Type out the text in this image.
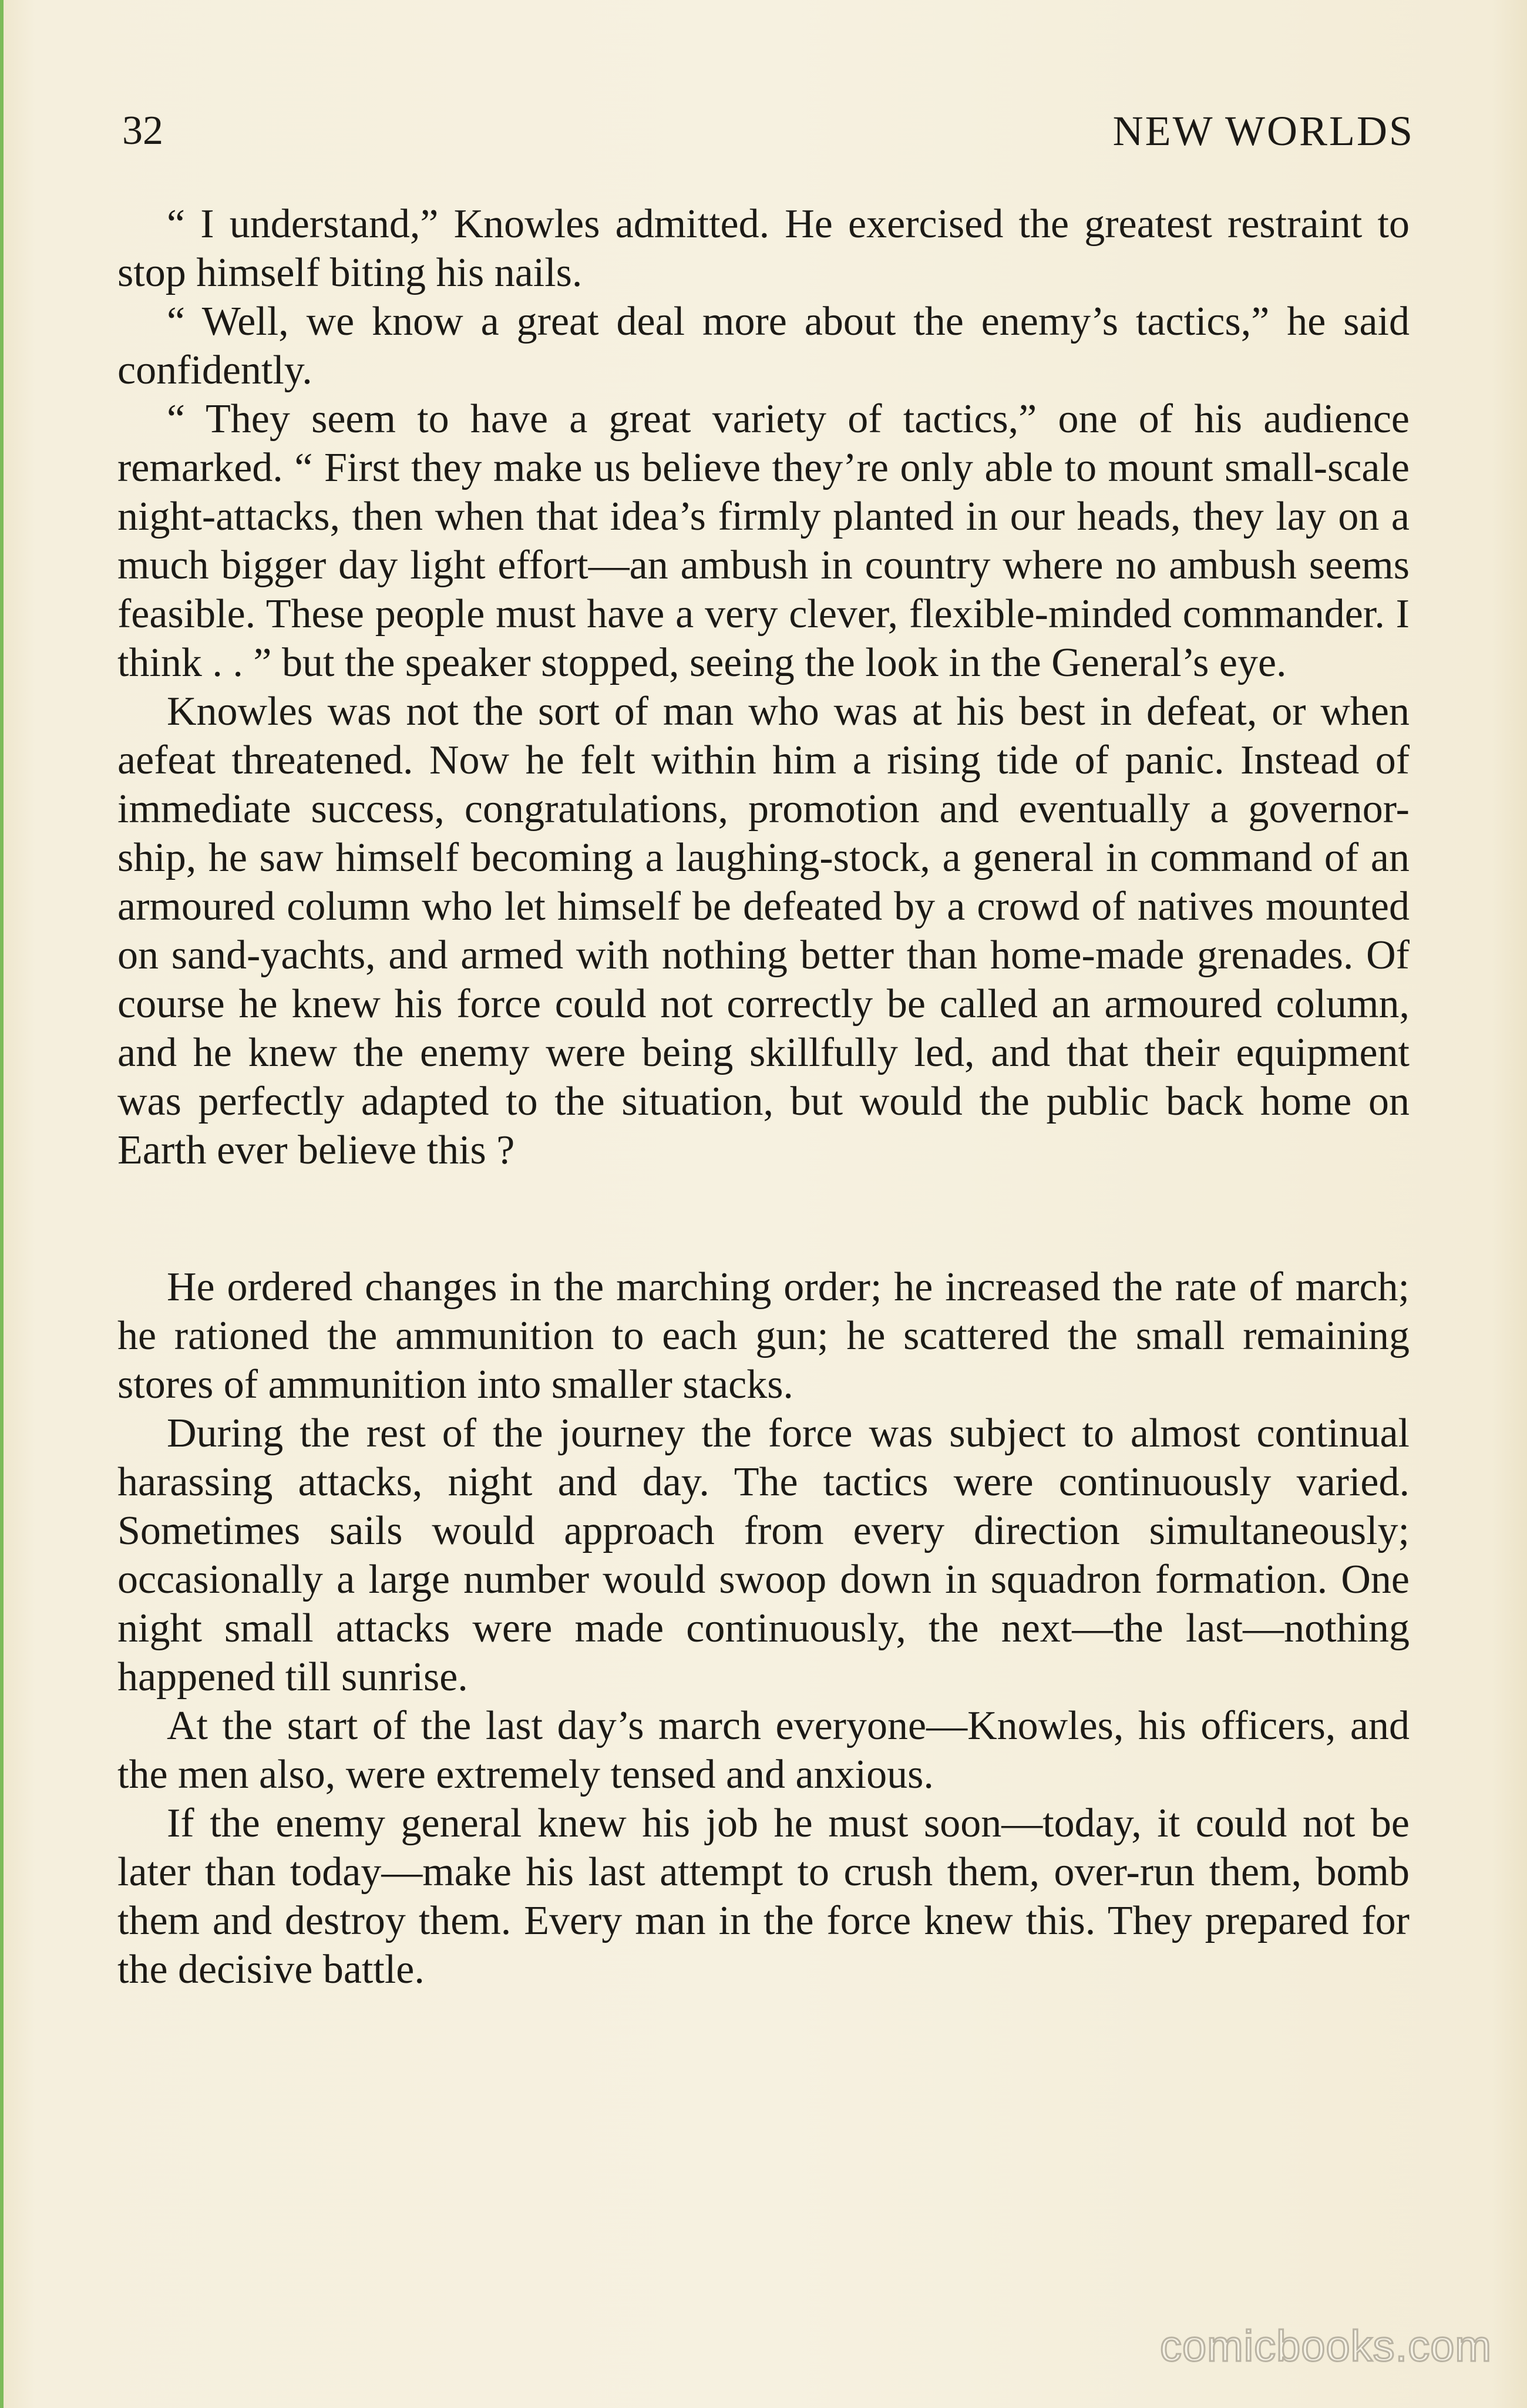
32	NEW WORLDS

“ I understand,” Knowles admitted. He exercised the greatest restraint to stop himself biting his nails.

“ Well, we know a great deal more about the enemy’s tactics,” he said confidently.

“ They seem to have a great variety of tactics,” one of his audience remarked. “ First they make us believe they’re only able to mount small-scale night-attacks, then when that idea’s firmly planted in our heads, they lay on a much bigger day light effort—an ambush in country where no ambush seems feasible. These people must have a very clever, flexible-minded commander. I think . . ” but the speaker stopped, seeing the look in the General’s eye.

Knowles was not the sort of man who was at his best in defeat, or when aefeat threatened. Now he felt within him a rising tide of panic. Instead of immediate success, congratulations, promotion and eventually a governor-ship, he saw himself becoming a laughing-stock, a general in command of an armoured column who let himself be defeated by a crowd of natives mounted on sand-yachts, and armed with nothing better than home-made grenades. Of course he knew his force could not correctly be called an armoured column, and he knew the enemy were being skillfully led, and that their equipment was perfectly adapted to the situation, but would the public back home on Earth ever believe this ?

He ordered changes in the marching order; he increased the rate of march; he rationed the ammunition to each gun; he scattered the small remaining stores of ammunition into smaller stacks.

During the rest of the journey the force was subject to almost continual harassing attacks, night and day. The tactics were continuously varied. Sometimes sails would approach from every direction simultaneously; occasionally a large number would swoop down in squadron formation. One night small attacks were made continuously, the next—the last—nothing happened till sunrise.

At the start of the last day’s march everyone—Knowles, his officers, and the men also, were extremely tensed and anxious.

If the enemy general knew his job he must soon—today, it could not be later than today—make his last attempt to crush them, over-run them, bomb them and destroy them. Every man in the force knew this. They prepared for the decisive battle.

comicbooks.com
